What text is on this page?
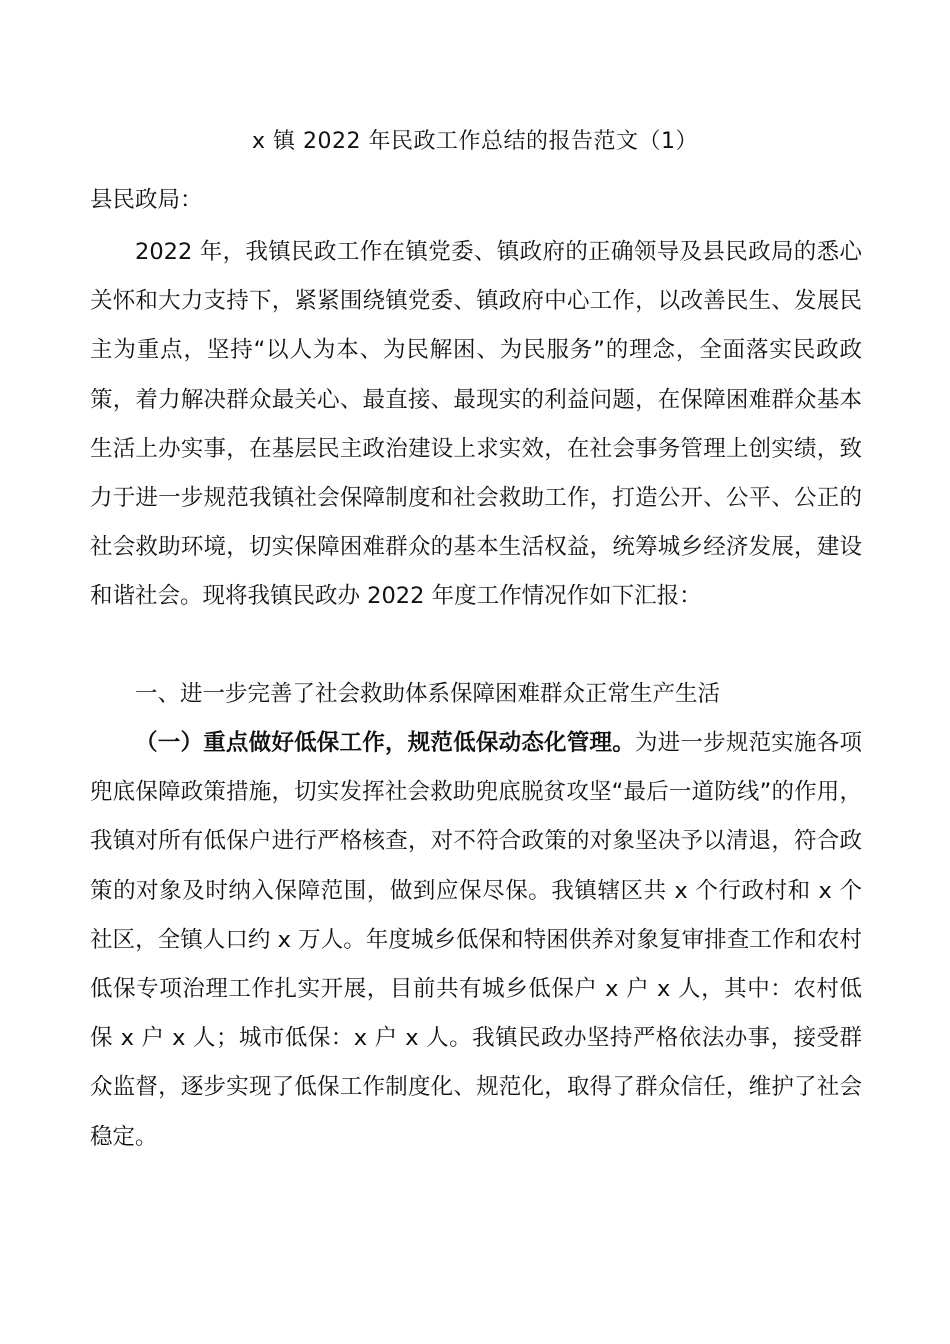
x 镇 2022 年民政工作总结的报告范文（1）
县民政局：

2022 年，我镇民政工作在镇党委、镇政府的正确领导及县民政局的悉心关怀和大力支持下，紧紧围绕镇党委、镇政府中心工作，以改善民生、发展民主为重点，坚持“以人为本、为民解困、为民服务”的理念，全面落实民政政策，着力解决群众最关心、最直接、最现实的利益问题，在保障困难群众基本生活上办实事，在基层民主政治建设上求实效，在社会事务管理上创实绩，致力于进一步规范我镇社会保障制度和社会救助工作，打造公开、公平、公正的社会救助环境，切实保障困难群众的基本生活权益，统筹城乡经济发展，建设和谐社会。现将我镇民政办 2022 年度工作情况作如下汇报：

一、进一步完善了社会救助体系保障困难群众正常生产生活

（一）重点做好低保工作，规范低保动态化管理。为进一步规范实施各项兜底保障政策措施，切实发挥社会救助兜底脱贫攻坚“最后一道防线”的作用，我镇对所有低保户进行严格核查，对不符合政策的对象坚决予以清退，符合政策的对象及时纳入保障范围，做到应保尽保。我镇辖区共 x 个行政村和 x 个社区，全镇人口约 x 万人。年度城乡低保和特困供养对象复审排查工作和农村低保专项治理工作扎实开展，目前共有城乡低保户 x 户 x 人，其中：农村低保 x 户 x 人；城市低保：x 户 x 人。我镇民政办坚持严格依法办事，接受群众监督，逐步实现了低保工作制度化、规范化，取得了群众信任，维护了社会稳定。
